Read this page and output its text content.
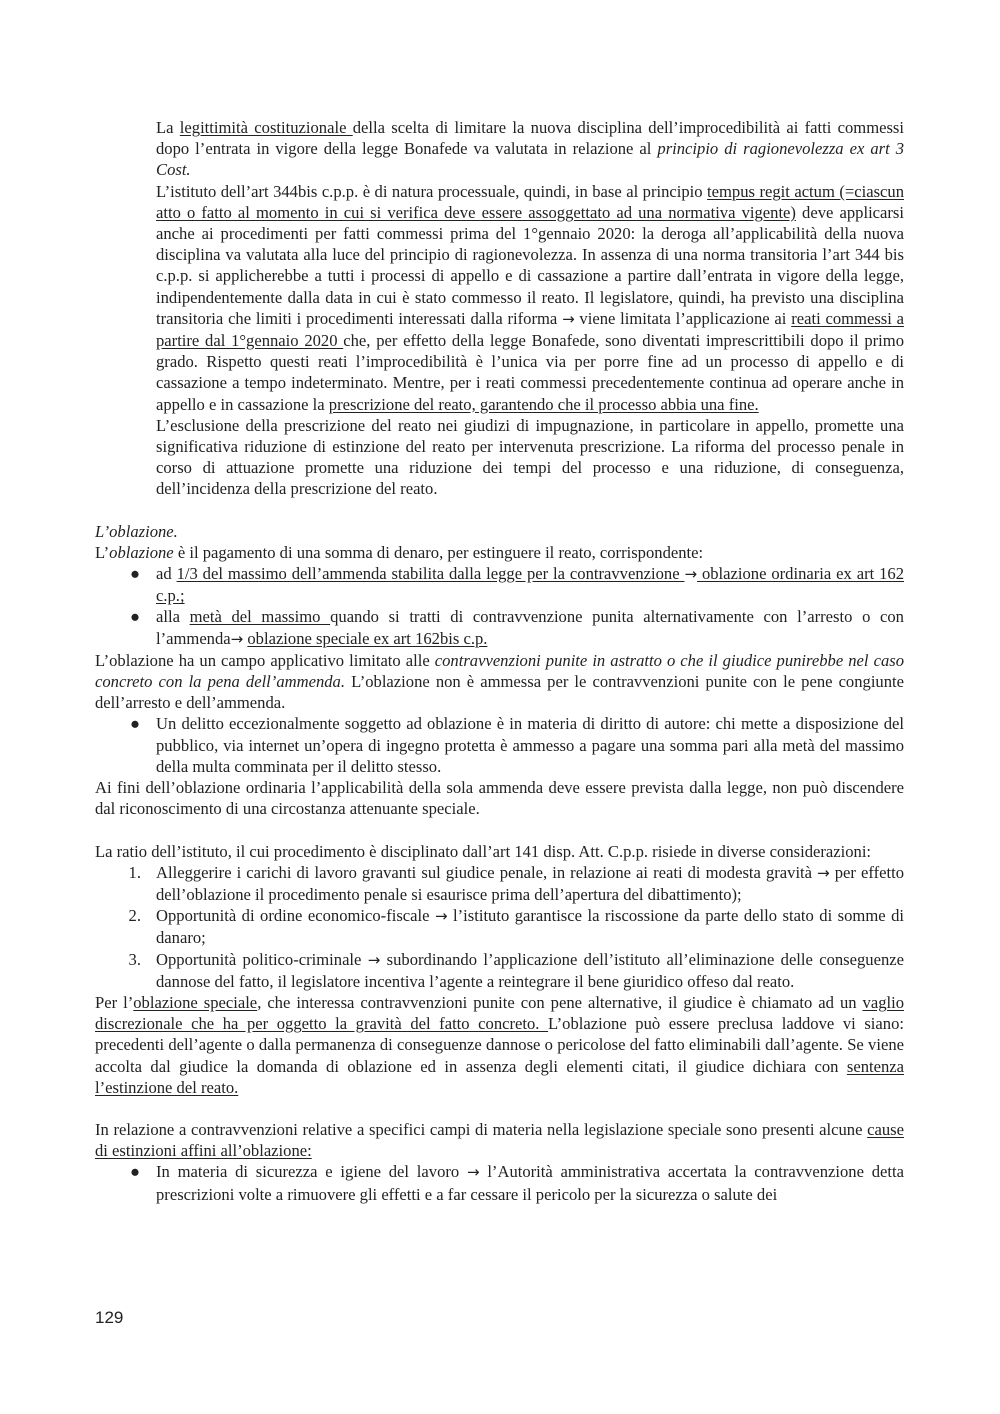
La legittimità costituzionale della scelta di limitare la nuova disciplina dell’improcedibilità ai fatti commessi dopo l’entrata in vigore della legge Bonafede va valutata in relazione al principio di ragionevolezza ex art 3 Cost.

L’istituto dell’art 344bis c.p.p. è di natura processuale, quindi, in base al principio tempus regit actum (=ciascun atto o fatto al momento in cui si verifica deve essere assoggettato ad una normativa vigente) deve applicarsi anche ai procedimenti per fatti commessi prima del 1°gennaio 2020: la deroga all’applicabilità della nuova disciplina va valutata alla luce del principio di ragionevolezza. In assenza di una norma transitoria l’art 344 bis c.p.p. si applicherebbe a tutti i processi di appello e di cassazione a partire dall’entrata in vigore della legge, indipendentemente dalla data in cui è stato commesso il reato. Il legislatore, quindi, ha previsto una disciplina transitoria che limiti i procedimenti interessati dalla riforma → viene limitata l’applicazione ai reati commessi a partire dal 1°gennaio 2020 che, per effetto della legge Bonafede, sono diventati imprescrittibili dopo il primo grado. Rispetto questi reati l’improcedibilità è l’unica via per porre fine ad un processo di appello e di cassazione a tempo indeterminato. Mentre, per i reati commessi precedentemente continua ad operare anche in appello e in cassazione la prescrizione del reato, garantendo che il processo abbia una fine.

L’esclusione della prescrizione del reato nei giudizi di impugnazione, in particolare in appello, promette una significativa riduzione di estinzione del reato per intervenuta prescrizione. La riforma del processo penale in corso di attuazione promette una riduzione dei tempi del processo e una riduzione, di conseguenza, dell’incidenza della prescrizione del reato.

L’oblazione.

L’oblazione è il pagamento di una somma di denaro, per estinguere il reato, corrispondente:

● ad 1/3 del massimo dell’ammenda stabilita dalla legge per la contravvenzione → oblazione ordinaria ex art 162 c.p.;
● alla metà del massimo quando si tratti di contravvenzione punita alternativamente con l’arresto o con l’ammenda→ oblazione speciale ex art 162bis c.p.

L’oblazione ha un campo applicativo limitato alle contravvenzioni punite in astratto o che il giudice punirebbe nel caso concreto con la pena dell’ammenda. L’oblazione non è ammessa per le contravvenzioni punite con le pene congiunte dell’arresto e dell’ammenda.

● Un delitto eccezionalmente soggetto ad oblazione è in materia di diritto di autore: chi mette a disposizione del pubblico, via internet un’opera di ingegno protetta è ammesso a pagare una somma pari alla metà del massimo della multa comminata per il delitto stesso.

Ai fini dell’oblazione ordinaria l’applicabilità della sola ammenda deve essere prevista dalla legge, non può discendere dal riconoscimento di una circostanza attenuante speciale.

La ratio dell’istituto, il cui procedimento è disciplinato dall’art 141 disp. Att. C.p.p. risiede in diverse considerazioni:

1. Alleggerire i carichi di lavoro gravanti sul giudice penale, in relazione ai reati di modesta gravità → per effetto dell’oblazione il procedimento penale si esaurisce prima dell’apertura del dibattimento);
2. Opportunità di ordine economico-fiscale → l’istituto garantisce la riscossione da parte dello stato di somme di danaro;
3. Opportunità politico-criminale → subordinando l’applicazione dell’istituto all’eliminazione delle conseguenze dannose del fatto, il legislatore incentiva l’agente a reintegrare il bene giuridico offeso dal reato.

Per l’oblazione speciale, che interessa contravvenzioni punite con pene alternative, il giudice è chiamato ad un vaglio discrezionale che ha per oggetto la gravità del fatto concreto. L’oblazione può essere preclusa laddove vi siano: precedenti dell’agente o dalla permanenza di conseguenze dannose o pericolose del fatto eliminabili dall’agente. Se viene accolta dal giudice la domanda di oblazione ed in assenza degli elementi citati, il giudice dichiara con sentenza l’estinzione del reato.

In relazione a contravvenzioni relative a specifici campi di materia nella legislazione speciale sono presenti alcune cause di estinzioni affini all’oblazione:

● In materia di sicurezza e igiene del lavoro → l’Autorità amministrativa accertata la contravvenzione detta prescrizioni volte a rimuovere gli effetti e a far cessare il pericolo per la sicurezza o salute dei
129
